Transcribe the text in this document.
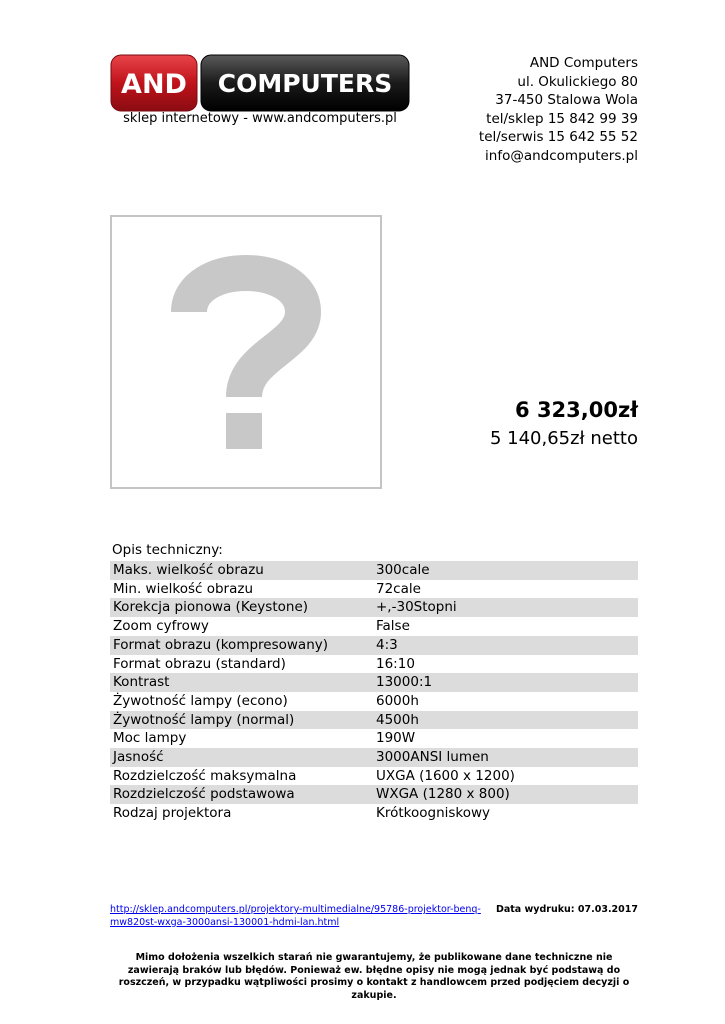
AND COMPUTERS
sklep internetowy - www.andcomputers.pl
AND Computers
ul. Okulickiego 80
37-450 Stalowa Wola
tel/sklep 15 842 99 39
tel/serwis 15 642 55 52
info@andcomputers.pl
6 323,00zł
5 140,65zł netto
Opis techniczny:
Maks. wielkość obrazu	300cale
Min. wielkość obrazu	72cale
Korekcja pionowa (Keystone)	+,-30Stopni
Zoom cyfrowy	False
Format obrazu (kompresowany)	4:3
Format obrazu (standard)	16:10
Kontrast	13000:1
Żywotność lampy (econo)	6000h
Żywotność lampy (normal)	4500h
Moc lampy	190W
Jasność	3000ANSI lumen
Rozdzielczość maksymalna	UXGA (1600 x 1200)
Rozdzielczość podstawowa	WXGA (1280 x 800)
Rodzaj projektora	Krótkoogniskowy
http://sklep.andcomputers.pl/projektory-multimedialne/95786-projektor-benq-mw820st-wxga-3000ansi-130001-hdmi-lan.html
Data wydruku: 07.03.2017
Mimo dołożenia wszelkich starań nie gwarantujemy, że publikowane dane techniczne nie zawierają braków lub błędów. Ponieważ ew. błędne opisy nie mogą jednak być podstawą do roszczeń, w przypadku wątpliwości prosimy o kontakt z handlowcem przed podjęciem decyzji o zakupie.
